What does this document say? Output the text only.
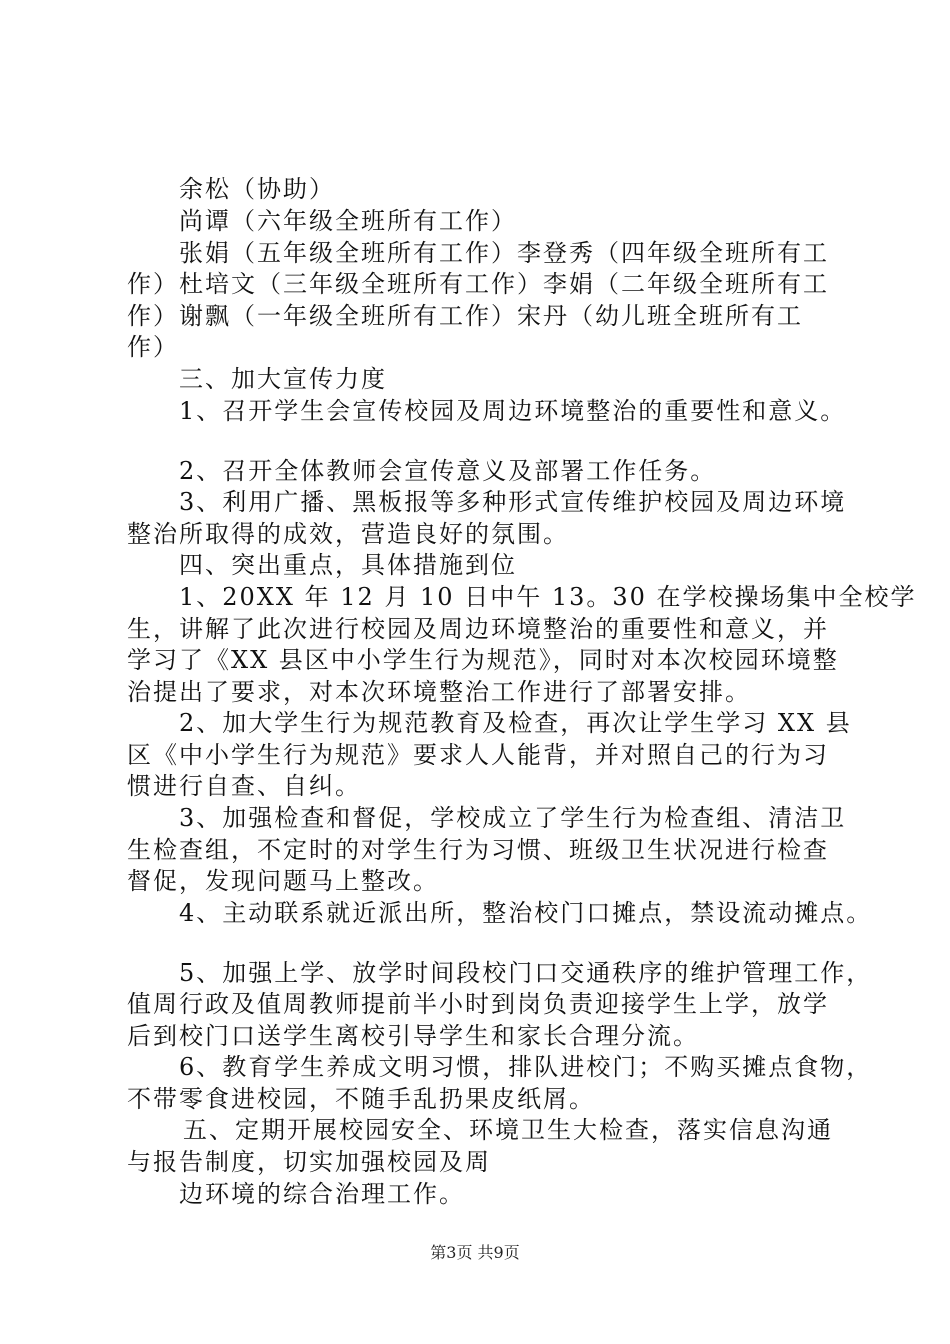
余松（协助）
尚谭（六年级全班所有工作）
张娟（五年级全班所有工作）李登秀（四年级全班所有工
作）杜培文（三年级全班所有工作）李娟（二年级全班所有工
作）谢飘（一年级全班所有工作）宋丹（幼儿班全班所有工
作）
三、加大宣传力度
1、召开学生会宣传校园及周边环境整治的重要性和意义。
2、召开全体教师会宣传意义及部署工作任务。
3、利用广播、黑板报等多种形式宣传维护校园及周边环境
整治所取得的成效，营造良好的氛围。
四、突出重点，具体措施到位
1、20XX 年 12 月 10 日中午 13。30 在学校操场集中全校学
生，讲解了此次进行校园及周边环境整治的重要性和意义，并
学习了《XX 县区中小学生行为规范》，同时对本次校园环境整
治提出了要求，对本次环境整治工作进行了部署安排。
2、加大学生行为规范教育及检查，再次让学生学习 XX 县
区《中小学生行为规范》要求人人能背，并对照自己的行为习
惯进行自查、自纠。
3、加强检查和督促，学校成立了学生行为检查组、清洁卫
生检查组，不定时的对学生行为习惯、班级卫生状况进行检查
督促，发现问题马上整改。
4、主动联系就近派出所，整治校门口摊点，禁设流动摊点。
5、加强上学、放学时间段校门口交通秩序的维护管理工作，
值周行政及值周教师提前半小时到岗负责迎接学生上学，放学
后到校门口送学生离校引导学生和家长合理分流。
6、教育学生养成文明习惯，排队进校门；不购买摊点食物，
不带零食进校园，不随手乱扔果皮纸屑。
五、定期开展校园安全、环境卫生大检查，落实信息沟通
与报告制度，切实加强校园及周
边环境的综合治理工作。
第3页 共9页
